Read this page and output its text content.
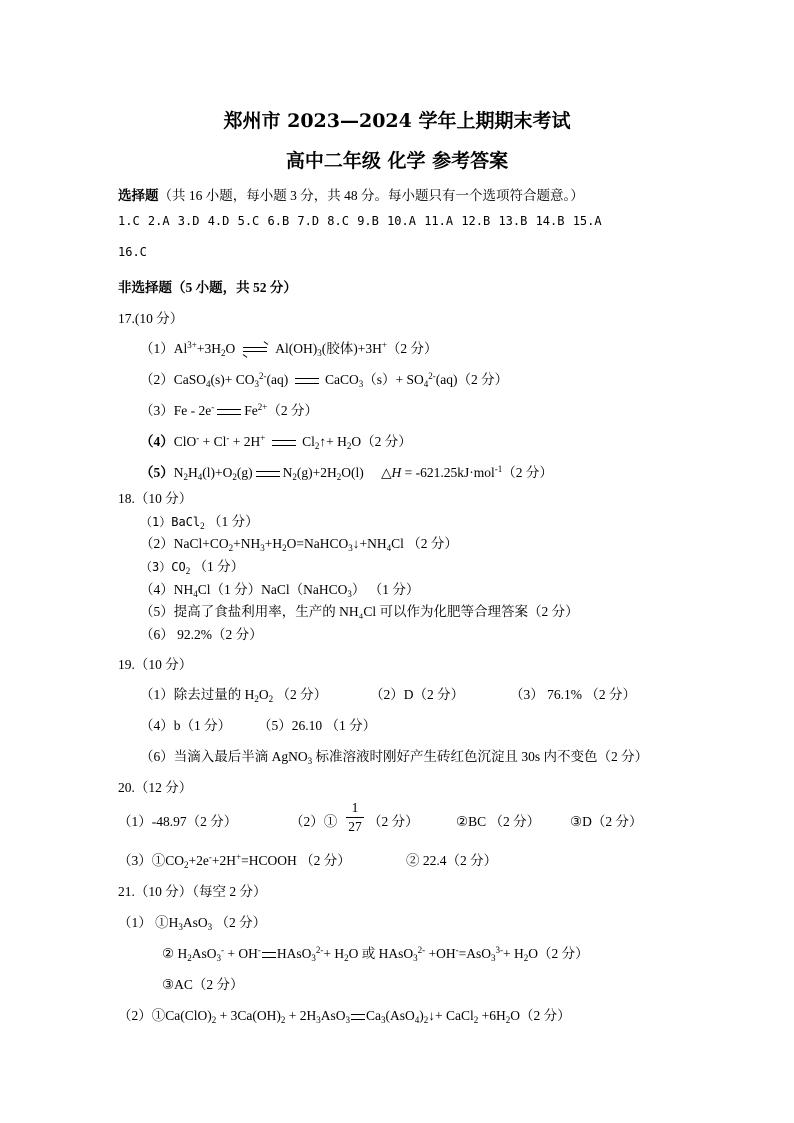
郑州市 2023—2024 学年上期期末考试
高中二年级 化学 参考答案
选择题（共 16 小题，每小题 3 分，共 48 分。每小题只有一个选项符合题意。）
1.C 2.A 3.D 4.D 5.C 6.B 7.D 8.C 9.B 10.A 11.A 12.B 13.B 14.B 15.A
16.C
非选择题（5 小题，共 52 分）
17.(10 分）
$(1)Al^{3+}+3H_2O$ ⇌ $Al(OH)_3$(胶体)+3H+（2 分）
（2）CaSO$_4$(s)+ $CO_3^{2-}(aq)$	CaCO$_3$（s）+ $SO_4^{2-}(aq)(2$ 分）
（3）Fe - 2e- $Fe^{2+}(2$ 分）
（4）ClO- + Cl- + 2H+	$Cl_2↑+ H_2O(2$ 分）
$(5)N_2H_4(l)+O_2(g)$ $N_2(g)+2H_2O(l)$ △H = -621.25kJ·mol$^{-1}$（2 分）
18.（10 分）
（1）BaCl$_2$ （1 分）
$(2)NaCl+CO_2+NH_3+H_2O=NaHCO_3↓+NH_4Cl$ （2 分）
$(3)CO_2$ （1 分）
$(4)NH_4Cl(1$ 分）NaCl（NaHCO$_3$） （1 分）
（5）提高了食盐利用率，生产的 NH₄Cl 可以作为化肥等合理答案（2 分）
（6） 92.2%（2 分）
19.（10 分）
（1）除去过量的 $H_2O_2$ （2 分）	（2）D（2 分）	（3） 76.1% （2 分）
（4）b（1 分） （5）26.10 （1 分）
（6）当滴入最后半滴 AgNO$_3$ 标准溶液时刚好产生砖红色沉淀且 30s 内不变色（2 分）
20.（12 分）
（1）-48.97（2 分）	（2）① $\frac{1}{27} (2$ 分）	②BC （2 分） ③D（2 分）
$(3)①CO_2+2e^-+2H^+=HCOOH$ （2 分）	② 22.4（2 分）
21.（10 分）（每空 2 分）
（1） $①H_3AsO_3$ （2 分）
② $H_2AsO_3^- + OH^-$ HAsO$_3^{2-}$+ $H_2O$ 或 HAsO$_3^{2-}$ $+OH^-=AsO_3^{3-}+ H_2O(2$ 分）
③AC（2 分）
$(2)①Ca(ClO)_2 + 3Ca(OH)_2 + 2H_3AsO_3$ $Ca_3(AsO_4)_2↓+$ CaCl$_2$ $+6H_2O(2$ 分）
